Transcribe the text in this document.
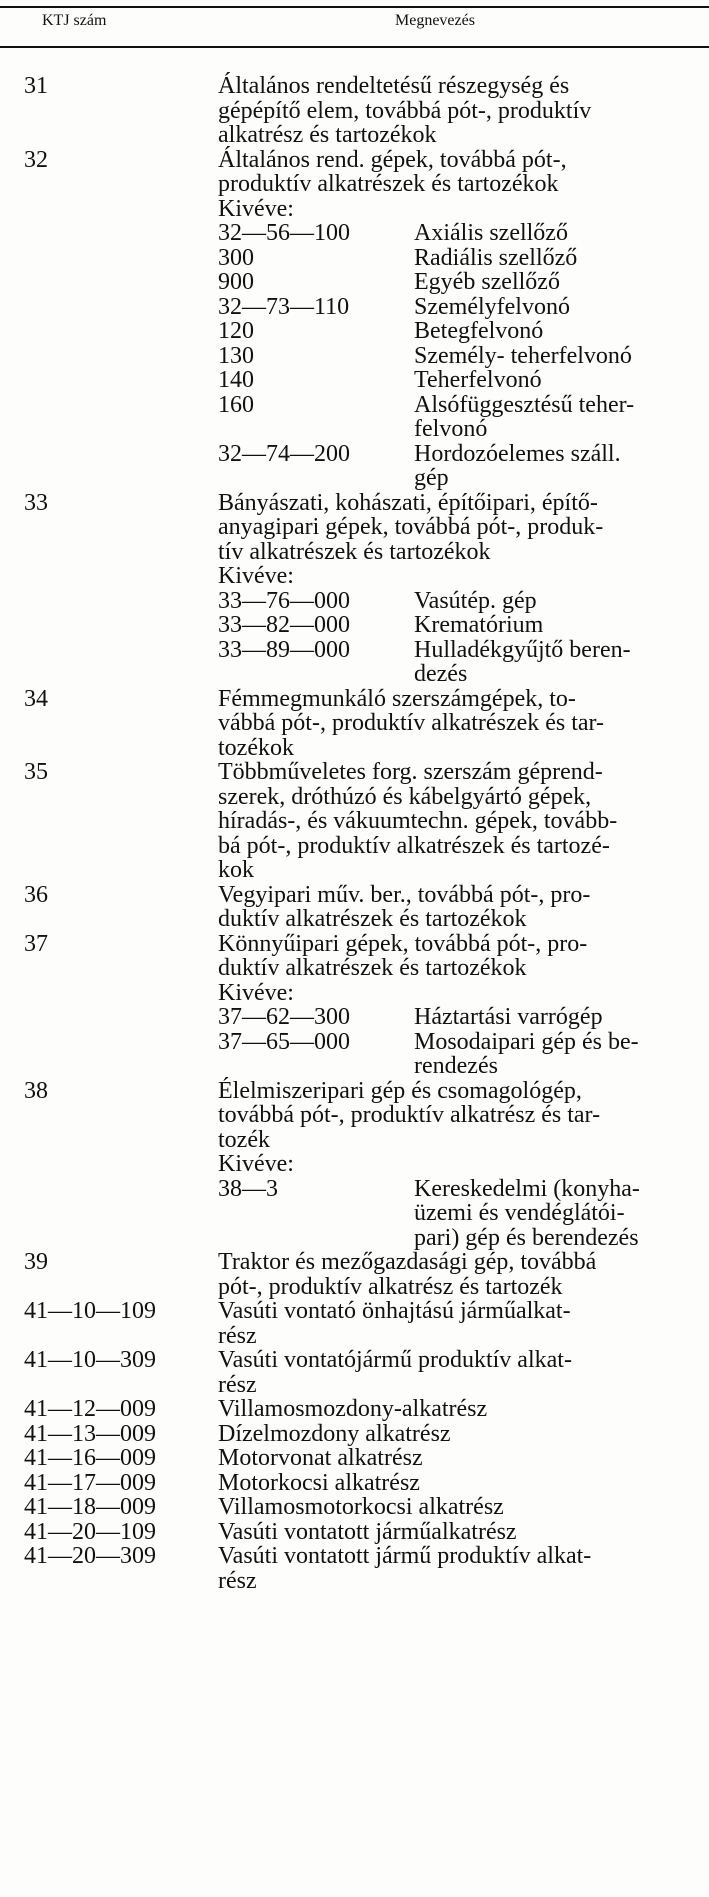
KTJ szám	Megnevezés
31	Általános rendeltetésű részegység és
gépépítő elem, továbbá pót-, produktív
alkatrész és tartozékok
32	Általános rend. gépek, továbbá pót-,
produktív alkatrészek és tartozékok
Kivéve:
32—56—100	Axiális szellőző
300	Radiális szellőző
900	Egyéb szellőző
32—73—110	Személyfelvonó
120	Betegfelvonó
130	Személy- teherfelvonó
140	Teherfelvonó
160	Alsófüggesztésű teher-
felvonó
32—74—200	Hordozóelemes száll.
gép
33	Bányászati, kohászati, építőipari, építő-
anyagipari gépek, továbbá pót-, produk-
tív alkatrészek és tartozékok
Kivéve:
33—76—000	Vasútép. gép
33—82—000	Krematórium
33—89—000	Hulladékgyűjtő beren-
dezés
34	Fémmegmunkáló szerszámgépek, to-
vábbá pót-, produktív alkatrészek és tar-
tozékok
35	Többműveletes forg. szerszám géprend-
szerek, dróthúzó és kábelgyártó gépek,
híradás-, és vákuumtechn. gépek, tovább-
bá pót-, produktív alkatrészek és tartozé-
kok
36	Vegyipari műv. ber., továbbá pót-, pro-
duktív alkatrészek és tartozékok
37	Könnyűipari gépek, továbbá pót-, pro-
duktív alkatrészek és tartozékok
Kivéve:
37—62—300	Háztartási varrógép
37—65—000	Mosodaipari gép és be-
rendezés
38	Élelmiszeripari gép és csomagológép,
továbbá pót-, produktív alkatrész és tar-
tozék
Kivéve:
38—3	Kereskedelmi (konyha-
üzemi és vendéglátói-
pari) gép és berendezés
39	Traktor és mezőgazdasági gép, továbbá
pót-, produktív alkatrész és tartozék
41—10—109	Vasúti vontató önhajtású járműalkat-
rész
41—10—309	Vasúti vontatójármű produktív alkat-
rész
41—12—009	Villamosmozdony-alkatrész
41—13—009	Dízelmozdony alkatrész
41—16—009	Motorvonat alkatrész
41—17—009	Motorkocsi alkatrész
41—18—009	Villamosmotorkocsi alkatrész
41—20—109	Vasúti vontatott járműalkatrész
41—20—309	Vasúti vontatott jármű produktív alkat-
rész
